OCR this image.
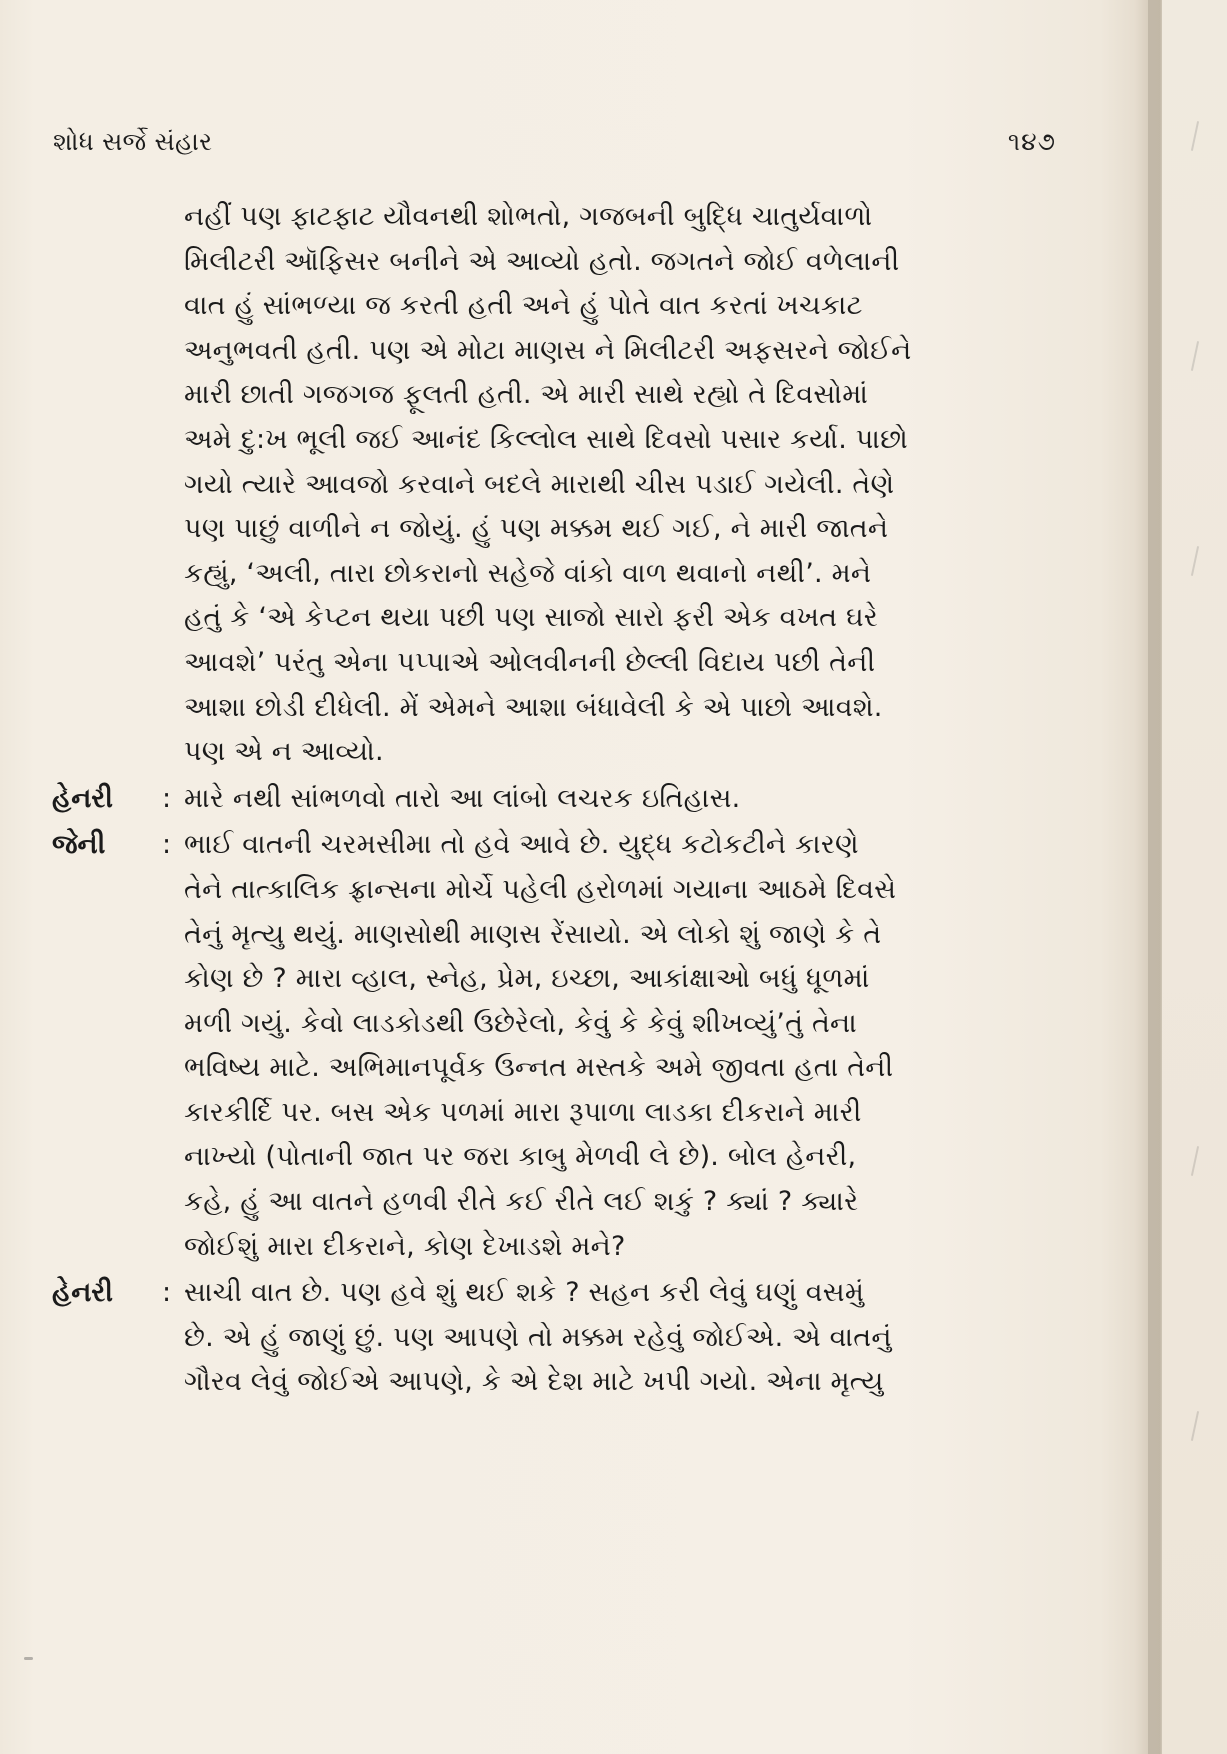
શોધ સર્જે સંહાર	૧૪૭
નહીં પણ ફાટફાટ યૌવનથી શોભતો, ગજબની બુદ્ધિ ચાતુર્યવાળો
મિલીટરી ઑફિસર બનીને એ આવ્યો હતો. જગતને જોઈ વળેલાની
વાત હું સાંભળ્યા જ કરતી હતી અને હું પોતે વાત કરતાં ખચકાટ
અનુભવતી હતી. પણ એ મોટા માણસ ને મિલીટરી અફસરને જોઈને
મારી છાતી ગજગજ ફૂલતી હતી. એ મારી સાથે રહ્યો તે દિવસોમાં
અમે દુ:ખ ભૂલી જઈ આનંદ કિલ્લોલ સાથે દિવસો પસાર કર્યા. પાછો
ગયો ત્યારે આવજો કરવાને બદલે મારાથી ચીસ પડાઈ ગયેલી. તેણે
પણ પાછું વાળીને ન જોયું. હું પણ મક્કમ થઈ ગઈ, ને મારી જાતને
કહ્યું, ‘અલી, તારા છોકરાનો સહેજે વાંકો વાળ થવાનો નથી’. મને
હતું કે ‘એ કેપ્ટન થયા પછી પણ સાજો સારો ફરી એક વખત ઘરે
આવશે’ પરંતુ એના પપ્પાએ ઓલવીનની છેલ્લી વિદાય પછી તેની
આશા છોડી દીધેલી. મેં એમને આશા બંધાવેલી કે એ પાછો આવશે.
પણ એ ન આવ્યો.
હેનરી	: મારે નથી સાંભળવો તારો આ લાંબો લચરક ઇતિહાસ.
જેની	: ભાઈ વાતની ચરમસીમા તો હવે આવે છે. યુદ્ધ કટોકટીને કારણે
તેને તાત્કાલિક ફ્રાન્સના મોર્ચે પહેલી હરોળમાં ગયાના આઠમે દિવસે
તેનું મૃત્યુ થયું. માણસોથી માણસ રેંસાયો. એ લોકો શું જાણે કે તે
કોણ છે ? મારા વ્હાલ, સ્નેહ, પ્રેમ, ઇચ્છા, આકાંક્ષાઓ બધું ધૂળમાં
મળી ગયું. કેવો લાડકોડથી ઉછેરેલો, કેવું કે કેવું શીખવ્યું’તું તેના
ભવિષ્ય માટે. અભિમાનપૂર્વક ઉન્નત મસ્તકે અમે જીવતા હતા તેની
કારકીર્દિ પર. બસ એક પળમાં મારા રૂપાળા લાડકા દીકરાને મારી
નાખ્યો (પોતાની જાત પર જરા કાબુ મેળવી લે છે). બોલ હેનરી,
કહે, હું આ વાતને હળવી રીતે કઈ રીતે લઈ શકું ? ક્યાં ? ક્યારે
જોઈશું મારા દીકરાને, કોણ દેખાડશે મને?
હેનરી	: સાચી વાત છે. પણ હવે શું થઈ શકે ? સહન કરી લેવું ઘણું વસમું
છે. એ હું જાણું છું. પણ આપણે તો મક્કમ રહેવું જોઈએ. એ વાતનું
ગૌરવ લેવું જોઈએ આપણે, કે એ દેશ માટે ખપી ગયો. એના મૃત્યુ
